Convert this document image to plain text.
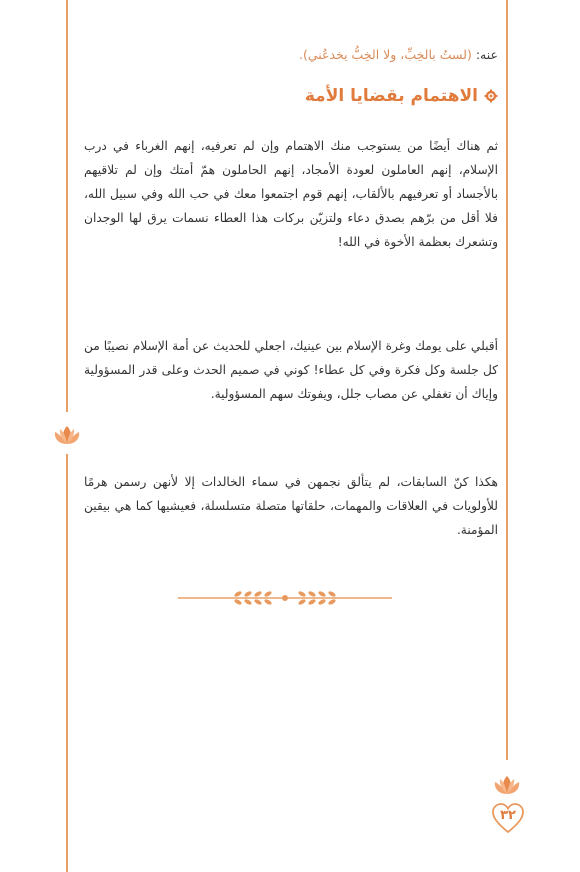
عنه: (لستُ بالخِبِّ، ولا الخِبُّ يخدعُني).
الاهتمام بقضايا الأمة

ثم هناك أيضًا من يستوجب منك الاهتمام وإن لم تعرفيه، إنهم الغرباء في درب الإسلام، إنهم العاملون لعودة الأمجاد، إنهم الحاملون همّ أمتك وإن لم تلاقيهم بالأجساد أو تعرفيهم بالألقاب، إنهم قوم اجتمعوا معك في حب الله وفي سبيل الله، فلا أقل من برّهم بصدق دعاء ولتزيّن بركات هذا العطاء نسمات يرق لها الوجدان وتشعرك بعظمة الأخوة في الله!

أقبلي على يومك وغرة الإسلام بين عينيك، اجعلي للحديث عن أمة الإسلام نصيبًا من كل جلسة وكل فكرة وفي كل عطاء! كوني في صميم الحدث وعلى قدر المسؤولية وإياك أن تغفلي عن مصاب جلل، ويفوتك سهم المسؤولية.

هكذا كنّ السابقات، لم يتألق نجمهن في سماء الخالدات إلا لأنهن رسمن هرمًا للأولويات في العلاقات والمهمات، حلقاتها متصلة متسلسلة، فعيشيها كما هي بيقين المؤمنة.

٣٢
